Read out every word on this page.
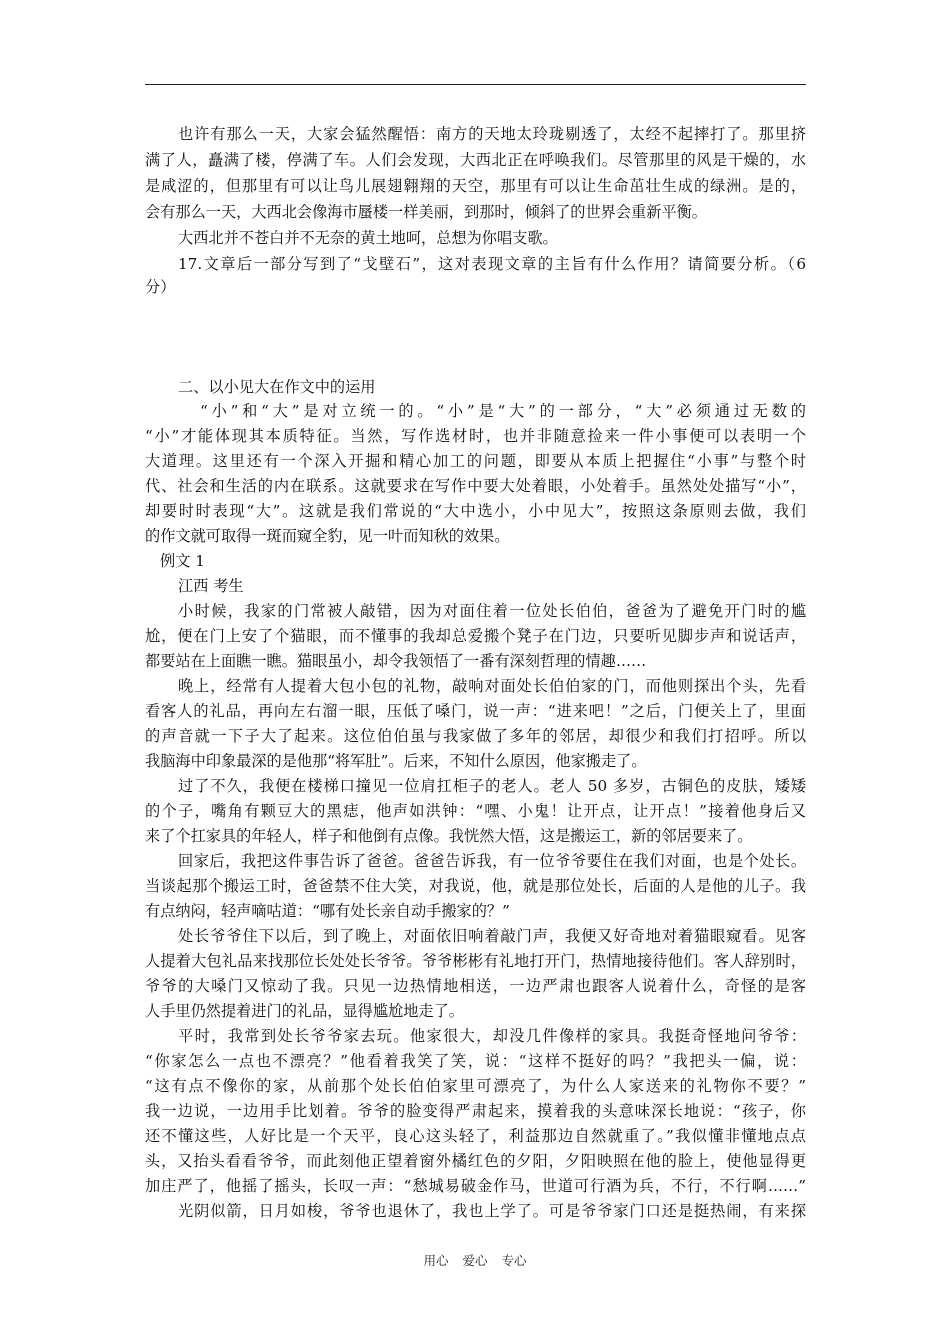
也许有那么一天，大家会猛然醒悟：南方的天地太玲珑剔透了，太经不起摔打了。那里挤
满了人，矗满了楼，停满了车。人们会发现，大西北正在呼唤我们。尽管那里的风是干燥的，水
是咸涩的，但那里有可以让鸟儿展翅翱翔的天空，那里有可以让生命茁壮生成的绿洲。是的，
会有那么一天，大西北会像海市蜃楼一样美丽，到那时，倾斜了的世界会重新平衡。
大西北并不苍白并不无奈的黄土地呵，总想为你唱支歌。
17.文章后一部分写到了“戈壁石”，这对表现文章的主旨有什么作用？请简要分析。（6
分）
二、以小见大在作文中的运用
“小”和“大”是对立统一的。“小”是“大”的一部分，“大”必须通过无数的
“小”才能体现其本质特征。当然，写作选材时，也并非随意捡来一件小事便可以表明一个
大道理。这里还有一个深入开掘和精心加工的问题，即要从本质上把握住“小事”与整个时
代、社会和生活的内在联系。这就要求在写作中要大处着眼，小处着手。虽然处处描写“小”，
却要时时表现“大”。这就是我们常说的“大中选小，小中见大”，按照这条原则去做，我们
的作文就可取得一斑而窥全豹，见一叶而知秋的效果。
例文 1
江西 考生
小时候，我家的门常被人敲错，因为对面住着一位处长伯伯，爸爸为了避免开门时的尴
尬，便在门上安了个猫眼，而不懂事的我却总爱搬个凳子在门边，只要听见脚步声和说话声，
都要站在上面瞧一瞧。猫眼虽小，却令我领悟了一番有深刻哲理的情趣……
晚上，经常有人提着大包小包的礼物，敲响对面处长伯伯家的门，而他则探出个头，先看
看客人的礼品，再向左右溜一眼，压低了嗓门，说一声：“进来吧！”之后，门便关上了，里面
的声音就一下子大了起来。这位伯伯虽与我家做了多年的邻居，却很少和我们打招呼。所以
我脑海中印象最深的是他那“将军肚”。后来，不知什么原因，他家搬走了。
过了不久，我便在楼梯口撞见一位肩扛柜子的老人。老人 50 多岁，古铜色的皮肤，矮矮
的个子，嘴角有颗豆大的黑痣，他声如洪钟：“嘿、小鬼！让开点，让开点！”接着他身后又
来了个扛家具的年轻人，样子和他倒有点像。我恍然大悟，这是搬运工，新的邻居要来了。
回家后，我把这件事告诉了爸爸。爸爸告诉我，有一位爷爷要住在我们对面，也是个处长。
当谈起那个搬运工时，爸爸禁不住大笑，对我说，他，就是那位处长，后面的人是他的儿子。我
有点纳闷，轻声嘀咕道：“哪有处长亲自动手搬家的？”
处长爷爷住下以后，到了晚上，对面依旧响着敲门声，我便又好奇地对着猫眼窥看。见客
人提着大包礼品来找那位长处处长爷爷。爷爷彬彬有礼地打开门，热情地接待他们。客人辞别时，
爷爷的大嗓门又惊动了我。只见一边热情地相送，一边严肃也跟客人说着什么，奇怪的是客
人手里仍然提着进门的礼品，显得尴尬地走了。
平时，我常到处长爷爷家去玩。他家很大，却没几件像样的家具。我挺奇怪地问爷爷：
“你家怎么一点也不漂亮？”他看着我笑了笑，说：“这样不挺好的吗？”我把头一偏，说：
“这有点不像你的家，从前那个处长伯伯家里可漂亮了，为什么人家送来的礼物你不要？”
我一边说，一边用手比划着。爷爷的脸变得严肃起来，摸着我的头意味深长地说：“孩子，你
还不懂这些，人好比是一个天平，良心这头轻了，利益那边自然就重了。”我似懂非懂地点点
头，又抬头看看爷爷，而此刻他正望着窗外橘红色的夕阳，夕阳映照在他的脸上，使他显得更
加庄严了，他摇了摇头，长叹一声：“愁城易破金作马，世道可行酒为兵，不行，不行啊……”
光阴似箭，日月如梭，爷爷也退休了，我也上学了。可是爷爷家门口还是挺热闹，有来探
用心 爱心 专心
